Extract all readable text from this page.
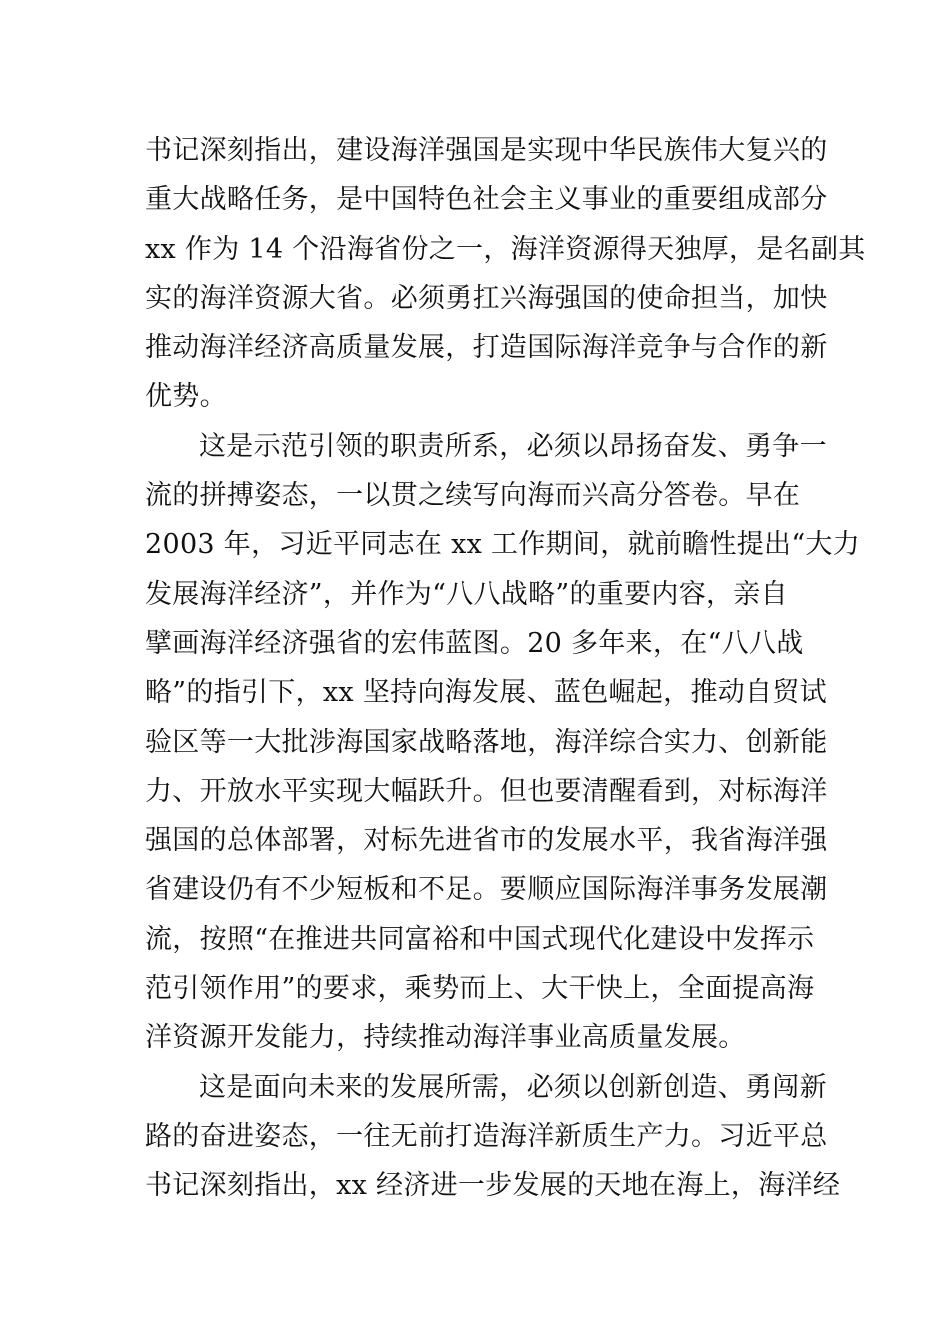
书记深刻指出，建设海洋强国是实现中华民族伟大复兴的
重大战略任务，是中国特色社会主义事业的重要组成部分
xx 作为 14 个沿海省份之一，海洋资源得天独厚，是名副其
实的海洋资源大省。必须勇扛兴海强国的使命担当，加快
推动海洋经济高质量发展，打造国际海洋竞争与合作的新
优势。
这是示范引领的职责所系，必须以昂扬奋发、勇争一
流的拼搏姿态，一以贯之续写向海而兴高分答卷。早在
2003 年，习近平同志在 xx 工作期间，就前瞻性提出“大力
发展海洋经济”，并作为“八八战略”的重要内容，亲自
擘画海洋经济强省的宏伟蓝图。20 多年来，在“八八战
略”的指引下，xx 坚持向海发展、蓝色崛起，推动自贸试
验区等一大批涉海国家战略落地，海洋综合实力、创新能
力、开放水平实现大幅跃升。但也要清醒看到，对标海洋
强国的总体部署，对标先进省市的发展水平，我省海洋强
省建设仍有不少短板和不足。要顺应国际海洋事务发展潮
流，按照“在推进共同富裕和中国式现代化建设中发挥示
范引领作用”的要求，乘势而上、大干快上，全面提高海
洋资源开发能力，持续推动海洋事业高质量发展。
这是面向未来的发展所需，必须以创新创造、勇闯新
路的奋进姿态，一往无前打造海洋新质生产力。习近平总
书记深刻指出，xx 经济进一步发展的天地在海上，海洋经
